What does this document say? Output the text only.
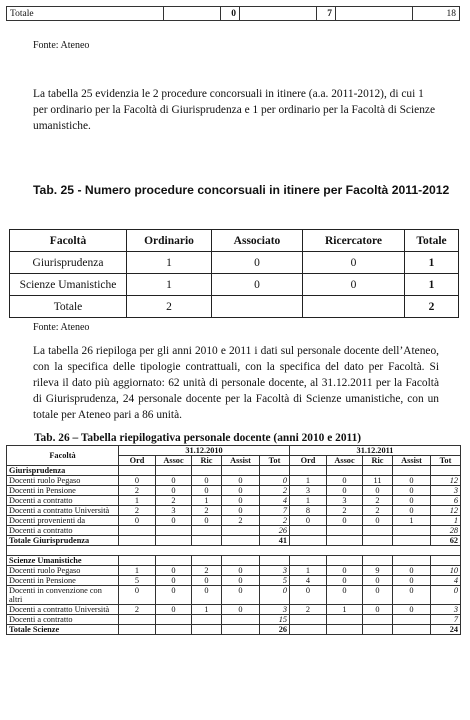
Totale		0		7		18
Fonte: Ateneo
La tabella 25 evidenzia le 2 procedure concorsuali in itinere (a.a. 2011-2012), di cui 1 per ordinario per la Facoltà di Giurisprudenza e 1 per ordinario per la Facoltà di Scienze umanistiche.
Tab. 25 - Numero procedure concorsuali in itinere per Facoltà 2011-2012
Facoltà	Ordinario	Associato	Ricercatore	Totale
Giurisprudenza	1	0	0	1
Scienze Umanistiche	1	0	0	1
Totale	2			2
Fonte: Ateneo
La tabella 26 riepiloga per gli anni 2010 e 2011 i dati sul personale docente dell’Ateneo, con la specifica delle tipologie contrattuali, con la specifica del dato per Facoltà. Si rileva il dato più aggiornato: 62 unità di personale docente, al 31.12.2011 per la Facoltà di Giurisprudenza, 24 personale docente per la Facoltà di Scienze umanistiche, con un totale per Ateneo pari a 86 unità.
Tab. 26 – Tabella riepilogativa personale docente (anni 2010 e 2011)
Facoltà	31.12.2010					31.12.2011				
	Ord	Assoc	Ric	Assist	Tot	Ord	Assoc	Ric	Assist	Tot
Giurisprudenza										
Docenti ruolo Pegaso	0	0	0	0	0	1	0	11	0	12
Docenti in Pensione	2	0	0	0	2	3	0	0	0	3
Docenti a contratto	1	2	1	0	4	1	3	2	0	6
Docenti a contratto Università	2	3	2	0	7	8	2	2	0	12
Docenti provenienti da	0	0	0	2	2	0	0	0	1	1
Docenti a contratto					26					28
Totale Giurisprudenza					41					62

Scienze Umanistiche										
Docenti ruolo Pegaso	1	0	2	0	3	1	0	9	0	10
Docenti in Pensione	5	0	0	0	5	4	0	0	0	4
Docenti in convenzione con altri	0	0	0	0	0	0	0	0	0	0
Docenti a contratto Università	2	0	1	0	3	2	1	0	0	3
Docenti a contratto					15					7
Totale Scienze					26					24
